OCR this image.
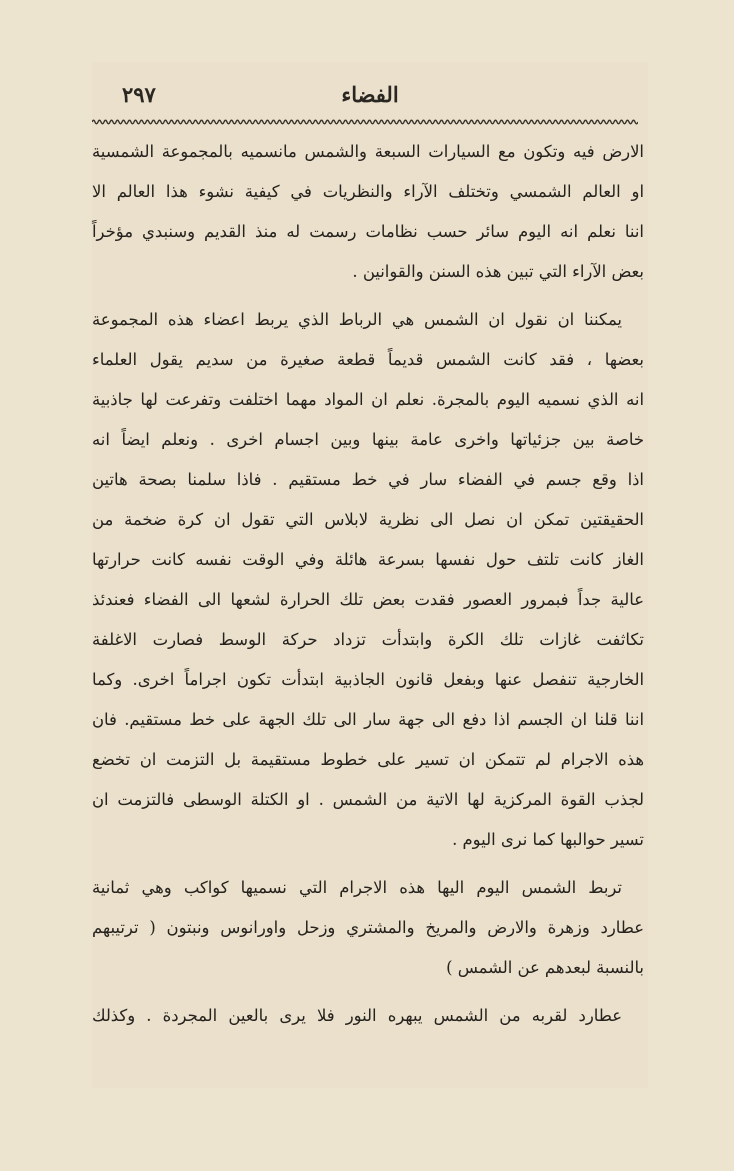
الفضاء
٢٩٧
الارض فيه وتكون مع السيارات السبعة والشمس مانسميه بالمجموعة الشمسية
او العالم الشمسي وتختلف الآراء والنظريات في كيفية نشوء هذا العالم الا
اننا نعلم انه اليوم سائر حسب نظامات رسمت له منذ القديم وسنبدي مؤخراً
بعض الآراء التي تبين هذه السنن والقوانين .
يمكننا ان نقول ان الشمس هي الرباط الذي يربط اعضاء هذه المجموعة
بعضها ، فقد كانت الشمس قديماً قطعة صغيرة من سديم يقول العلماء
انه الذي نسميه اليوم بالمجرة. نعلم ان المواد مهما اختلفت وتفرعت لها جاذبية
خاصة بين جزئياتها واخرى عامة بينها وبين اجسام اخرى . ونعلم ايضاً انه
اذا وقع جسم في الفضاء سار في خط مستقيم . فاذا سلمنا بصحة هاتين
الحقيقتين تمكن ان نصل الى نظرية لابلاس التي تقول ان كرة ضخمة من
الغاز كانت تلتف حول نفسها بسرعة هائلة وفي الوقت نفسه كانت حرارتها
عالية جداً فبمرور العصور فقدت بعض تلك الحرارة لشعها الى الفضاء فعندئذ
تكاثفت غازات تلك الكرة وابتدأت تزداد حركة الوسط فصارت الاغلفة
الخارجية تنفصل عنها وبفعل قانون الجاذبية ابتدأت تكون اجراماً اخرى. وكما
اننا قلنا ان الجسم اذا دفع الى جهة سار الى تلك الجهة على خط مستقيم. فان
هذه الاجرام لم تتمكن ان تسير على خطوط مستقيمة بل التزمت ان تخضع
لجذب القوة المركزية لها الاتية من الشمس . او الكتلة الوسطى فالتزمت ان
تسير حوالبها كما نرى اليوم .
تربط الشمس اليوم اليها هذه الاجرام التي نسميها كواكب وهي ثمانية
عطارد وزهرة والارض والمريخ والمشتري وزحل واورانوس ونبتون ( ترتيبهم
بالنسبة لبعدهم عن الشمس )
عطارد لقربه من الشمس يبهره النور فلا يرى بالعين المجردة . وكذلك
